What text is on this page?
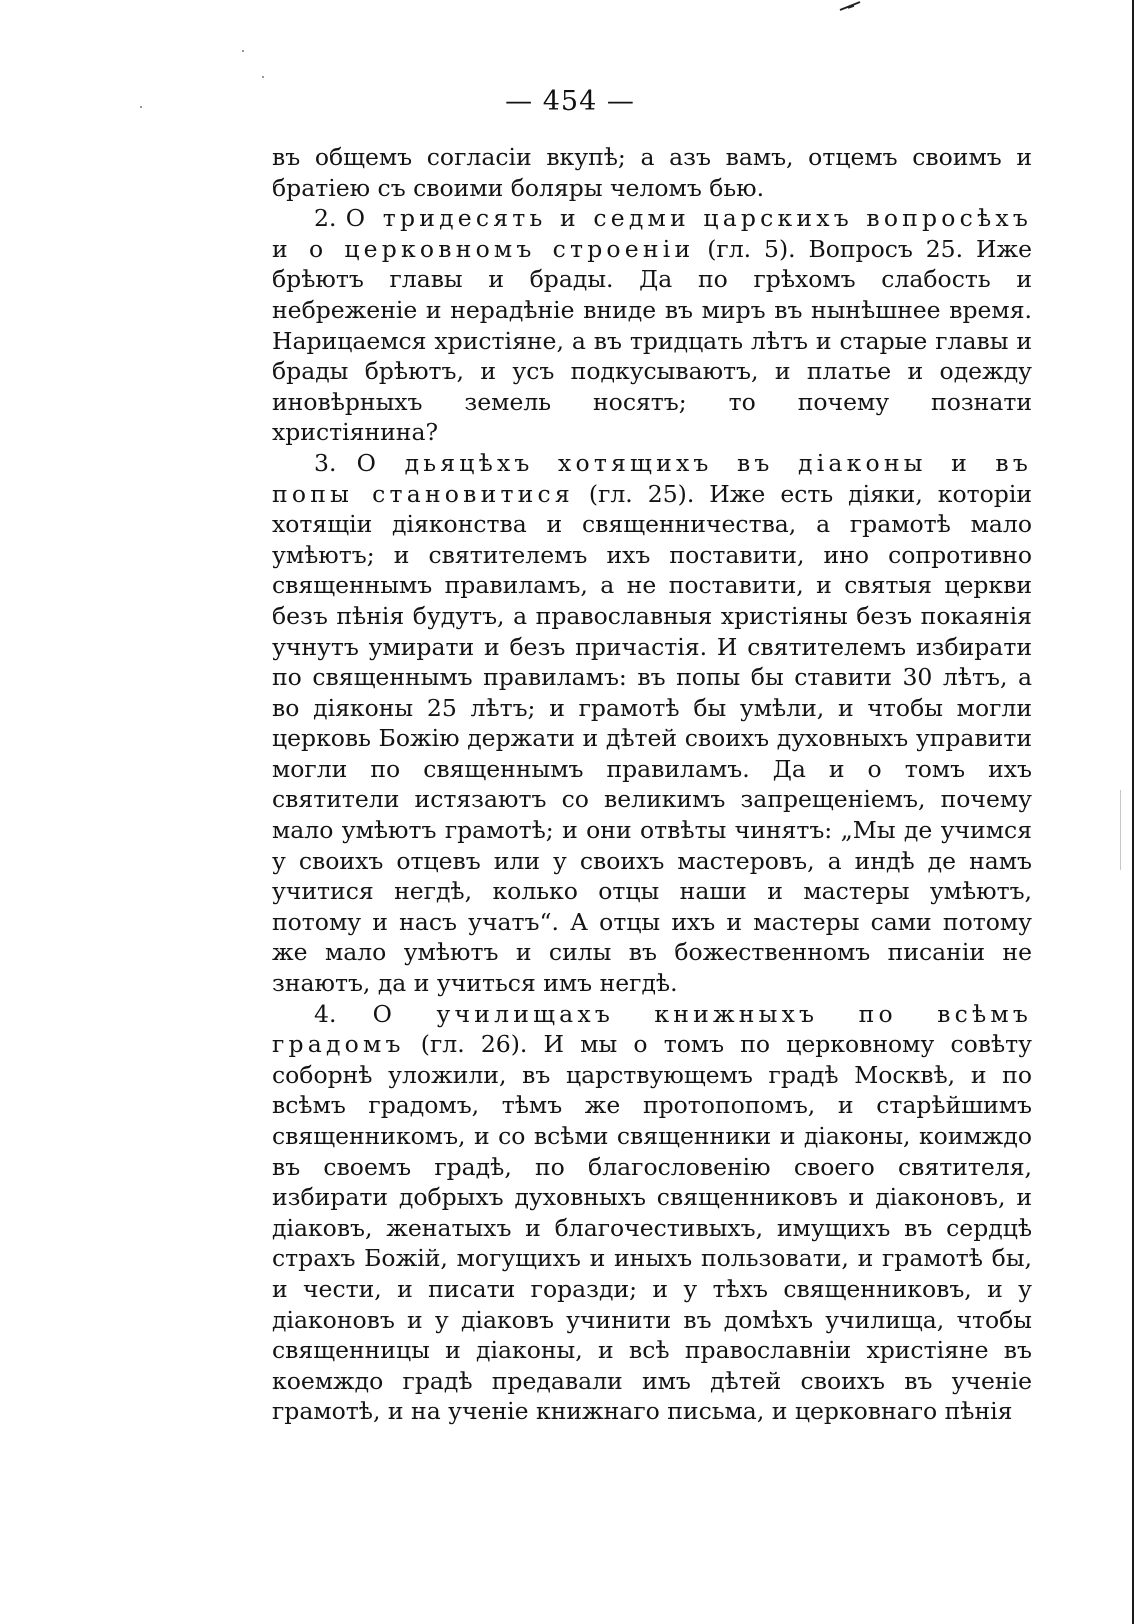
— 454 —

въ общемъ согласіи вкупѣ; а азъ вамъ, отцемъ своимъ и братіею съ своими боляры челомъ бью.

2. О тридесять и седми царскихъ вопросѣхъ и о церковномъ строеніи (гл. 5). Вопросъ 25. Иже брѣютъ главы и брады. Да по грѣхомъ слабость и небреженіе и нерадѣніе вниде въ миръ въ нынѣшнее время. Нарицаемся христіяне, а въ тридцать лѣтъ и старые главы и брады брѣютъ, и усъ подкусываютъ, и платье и одежду иновѣрныхъ земель носятъ; то почему познати христіянина?

3. О дьяцѣхъ хотящихъ въ діаконы и въ попы становитися (гл. 25). Иже есть діяки, которіи хотящіи діяконства и священничества, а грамотѣ мало умѣютъ; и святителемъ ихъ поставити, ино сопротивно священнымъ правиламъ, а не поставити, и святыя церкви безъ пѣнія будутъ, а православныя христіяны безъ покаянія учнутъ умирати и безъ причастія. И святителемъ избирати по священнымъ правиламъ: въ попы бы ставити 30 лѣтъ, а во діяконы 25 лѣтъ; и грамотѣ бы умѣли, и чтобы могли церковь Божію держати и дѣтей своихъ духовныхъ управити могли по священнымъ правиламъ. Да и о томъ ихъ святители истязаютъ со великимъ запрещеніемъ, почему мало умѣютъ грамотѣ; и они отвѣты чинятъ: „Мы де учимся у своихъ отцевъ или у своихъ мастеровъ, а индѣ де намъ учитися негдѣ, колько отцы наши и мастеры умѣютъ, потому и насъ учатъ“. А отцы ихъ и мастеры сами потому же мало умѣютъ и силы въ божественномъ писаніи не знаютъ, да и учиться имъ негдѣ.

4. О училищахъ книжныхъ по всѣмъ градомъ (гл. 26). И мы о томъ по церковному совѣту соборнѣ уложили, въ царствующемъ градѣ Москвѣ, и по всѣмъ градомъ, тѣмъ же протопопомъ, и старѣйшимъ священникомъ, и со всѣми священники и діаконы, коимждо въ своемъ градѣ, по благословенію своего святителя, избирати добрыхъ духовныхъ священниковъ и діаконовъ, и діаковъ, женатыхъ и благочестивыхъ, имущихъ въ сердцѣ страхъ Божій, могущихъ и иныхъ пользовати, и грамотѣ бы, и чести, и писати горазди; и у тѣхъ священниковъ, и у діаконовъ и у діаковъ учинити въ домѣхъ училища, чтобы священницы и діаконы, и всѣ православніи христіяне въ коемждо градѣ предавали имъ дѣтей своихъ въ ученіе грамотѣ, и на ученіе книжнаго письма, и церковнаго пѣнія
